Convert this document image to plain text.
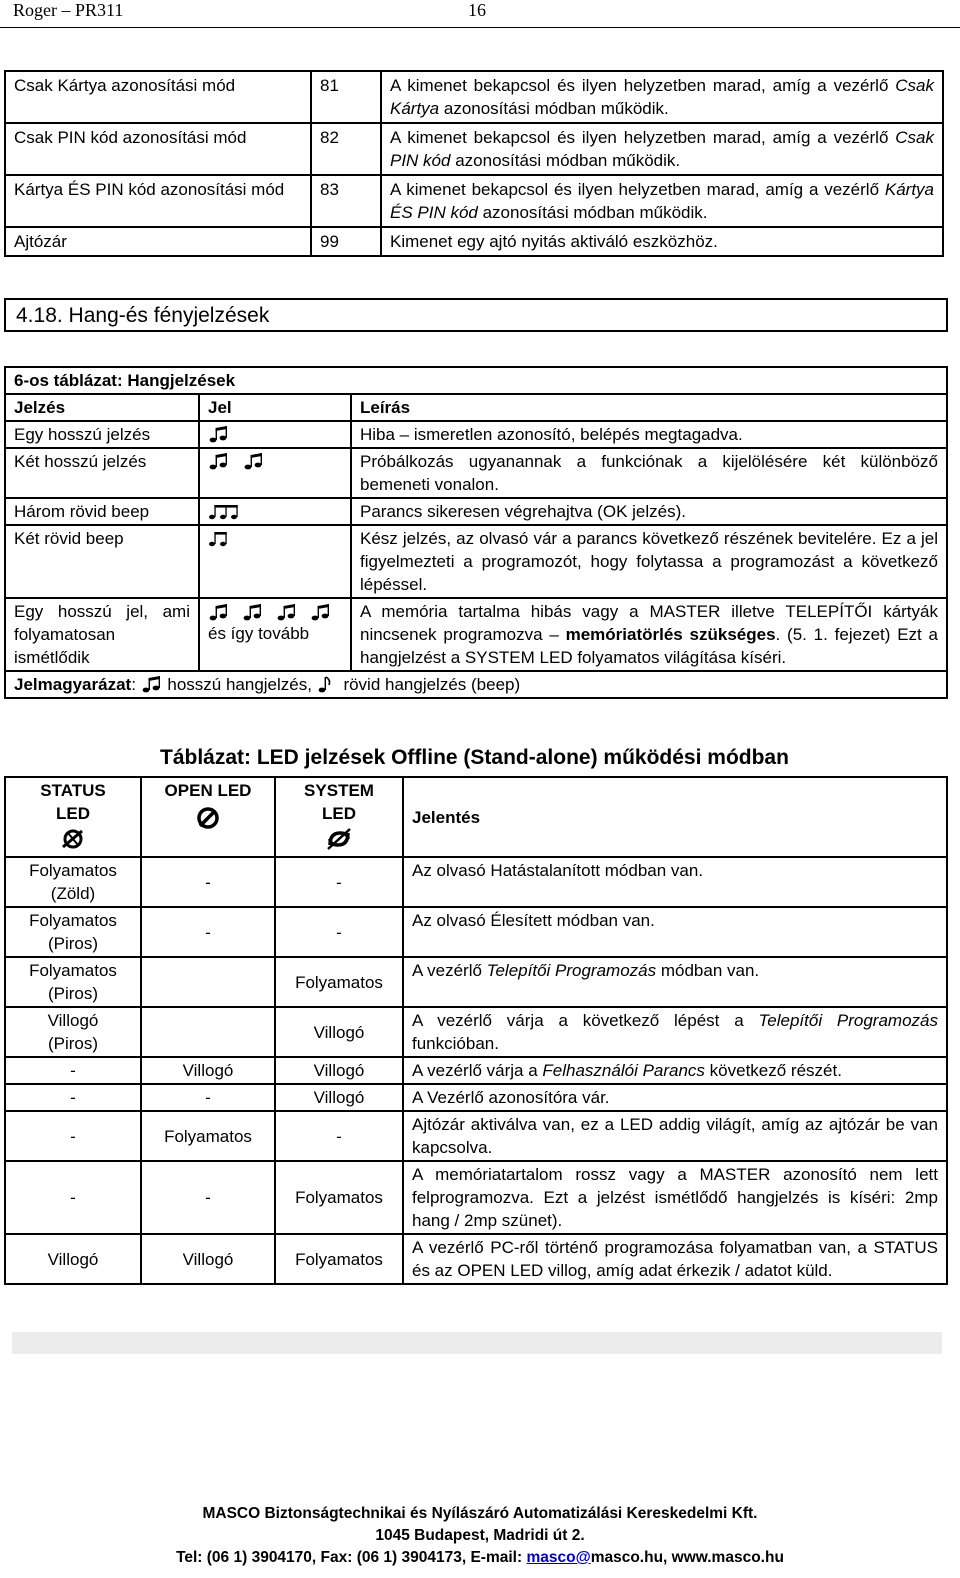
Roger – PR311	16
Csak Kártya azonosítási mód	81	A kimenet bekapcsol és ilyen helyzetben marad, amíg a vezérlő Csak Kártya azonosítási módban működik.
Csak PIN kód azonosítási mód	82	A kimenet bekapcsol és ilyen helyzetben marad, amíg a vezérlő Csak PIN kód azonosítási módban működik.
Kártya ÉS PIN kód azonosítási mód	83	A kimenet bekapcsol és ilyen helyzetben marad, amíg a vezérlő Kártya ÉS PIN kód azonosítási módban működik.
Ajtózár	99	Kimenet egy ajtó nyitás aktiváló eszközhöz.
4.18. Hang-és fényjelzések
6-os táblázat: Hangjelzések		
Jelzés	Jel	Leírás
Egy hosszú jelzés		Hiba – ismeretlen azonosító, belépés megtagadva.
Két hosszú jelzés		Próbálkozás ugyanannak a funkciónak a kijelölésére két különböző bemeneti vonalon.
Három rövid beep		Parancs sikeresen végrehajtva (OK jelzés).
Két rövid beep		Kész jelzés, az olvasó vár a parancs következő részének bevitelére. Ez a jel figyelmezteti a programozót, hogy folytassa a programozást a következő lépéssel.
Egy hosszú jel, ami folyamatosan ismétlődik	és így tovább	A memória tartalma hibás vagy a MASTER illetve TELEPÍTŐI kártyák nincsenek programozva – memóriatörlés szükséges. (5. 1. fejezet) Ezt a hangjelzést a SYSTEM LED folyamatos világítása kíséri.
Jelmagyarázat:  hosszú hangjelzés, rövid hangjelzés (beep)		
Táblázat: LED jelzések Offline (Stand-alone) működési módban
STATUS LED	OPEN LED	SYSTEM LED	Jelentés

Folyamatos (Zöld)	-	-	Az olvasó Hatástalanított módban van.

Folyamatos (Piros)	-	-	Az olvasó Élesített módban van.

Folyamatos (Piros)		Folyamatos	A vezérlő Telepítői Programozás módban van.

Villogó (Piros)		Villogó	A vezérlő várja a következő lépést a Telepítői Programozás funkcióban.
-	Villogó	Villogó	A vezérlő várja a Felhasználói Parancs következő részét.
-	-	Villogó	A Vezérlő azonosítóra vár.
-	Folyamatos	-	Ajtózár aktiválva van, ez a LED addig világít, amíg az ajtózár be van kapcsolva.
-	-	Folyamatos	A memóriatartalom rossz vagy a MASTER azonosító nem lett felprogramozva. Ezt a jelzést ismétlődő hangjelzés is kíséri: 2mp hang / 2mp szünet).
Villogó	Villogó	Folyamatos	A vezérlő PC-ről történő programozása folyamatban van, a STATUS és az OPEN LED villog, amíg adat érkezik / adatot küld.
MASCO Biztonságtechnikai és Nyílászáró Automatizálási Kereskedelmi Kft.
1045 Budapest, Madridi út 2.
Tel: (06 1) 3904170, Fax: (06 1) 3904173, E-mail: masco@masco.hu, www.masco.hu
